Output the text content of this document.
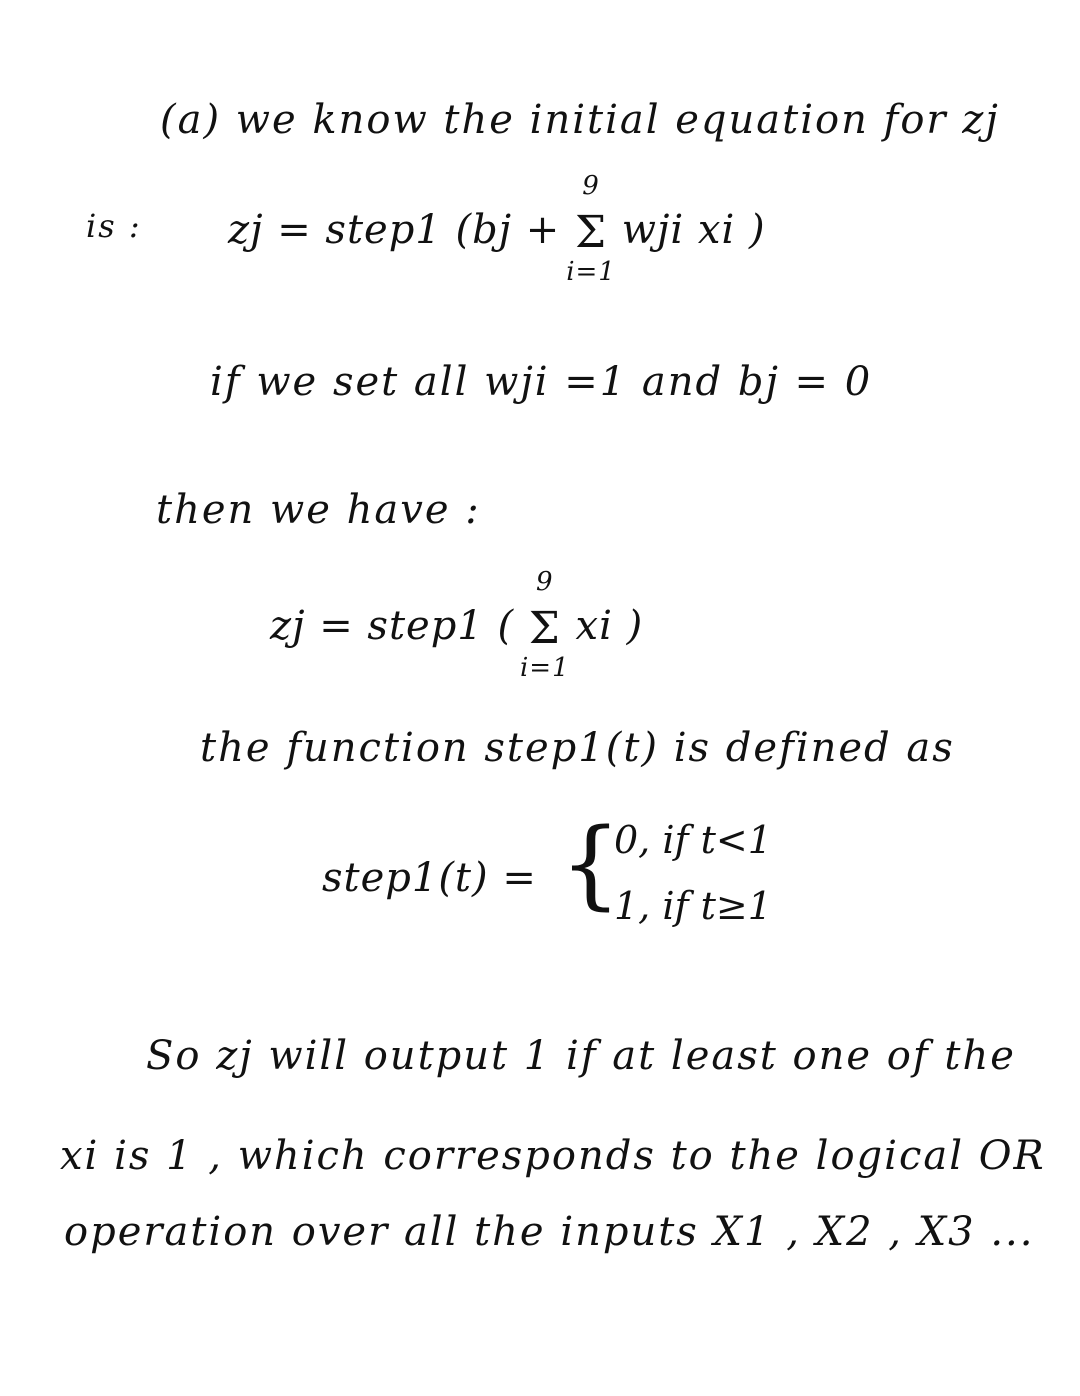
(a) we know the initial equation for zj
is : zj = step1 (bj +
9
Σ
i=1
wji xi )
if we set all wji =1 and bj = 0
then we have :
zj = step1 (
9
Σ
i=1
xi )
the function step1(t) is defined as
step1(t) = {
0, if t<1
1, if t≥1
So zj will output 1 if at least one of the
xi is 1 , which corresponds to the logical OR
operation over all the inputs X1 , X2 , X3 ...
